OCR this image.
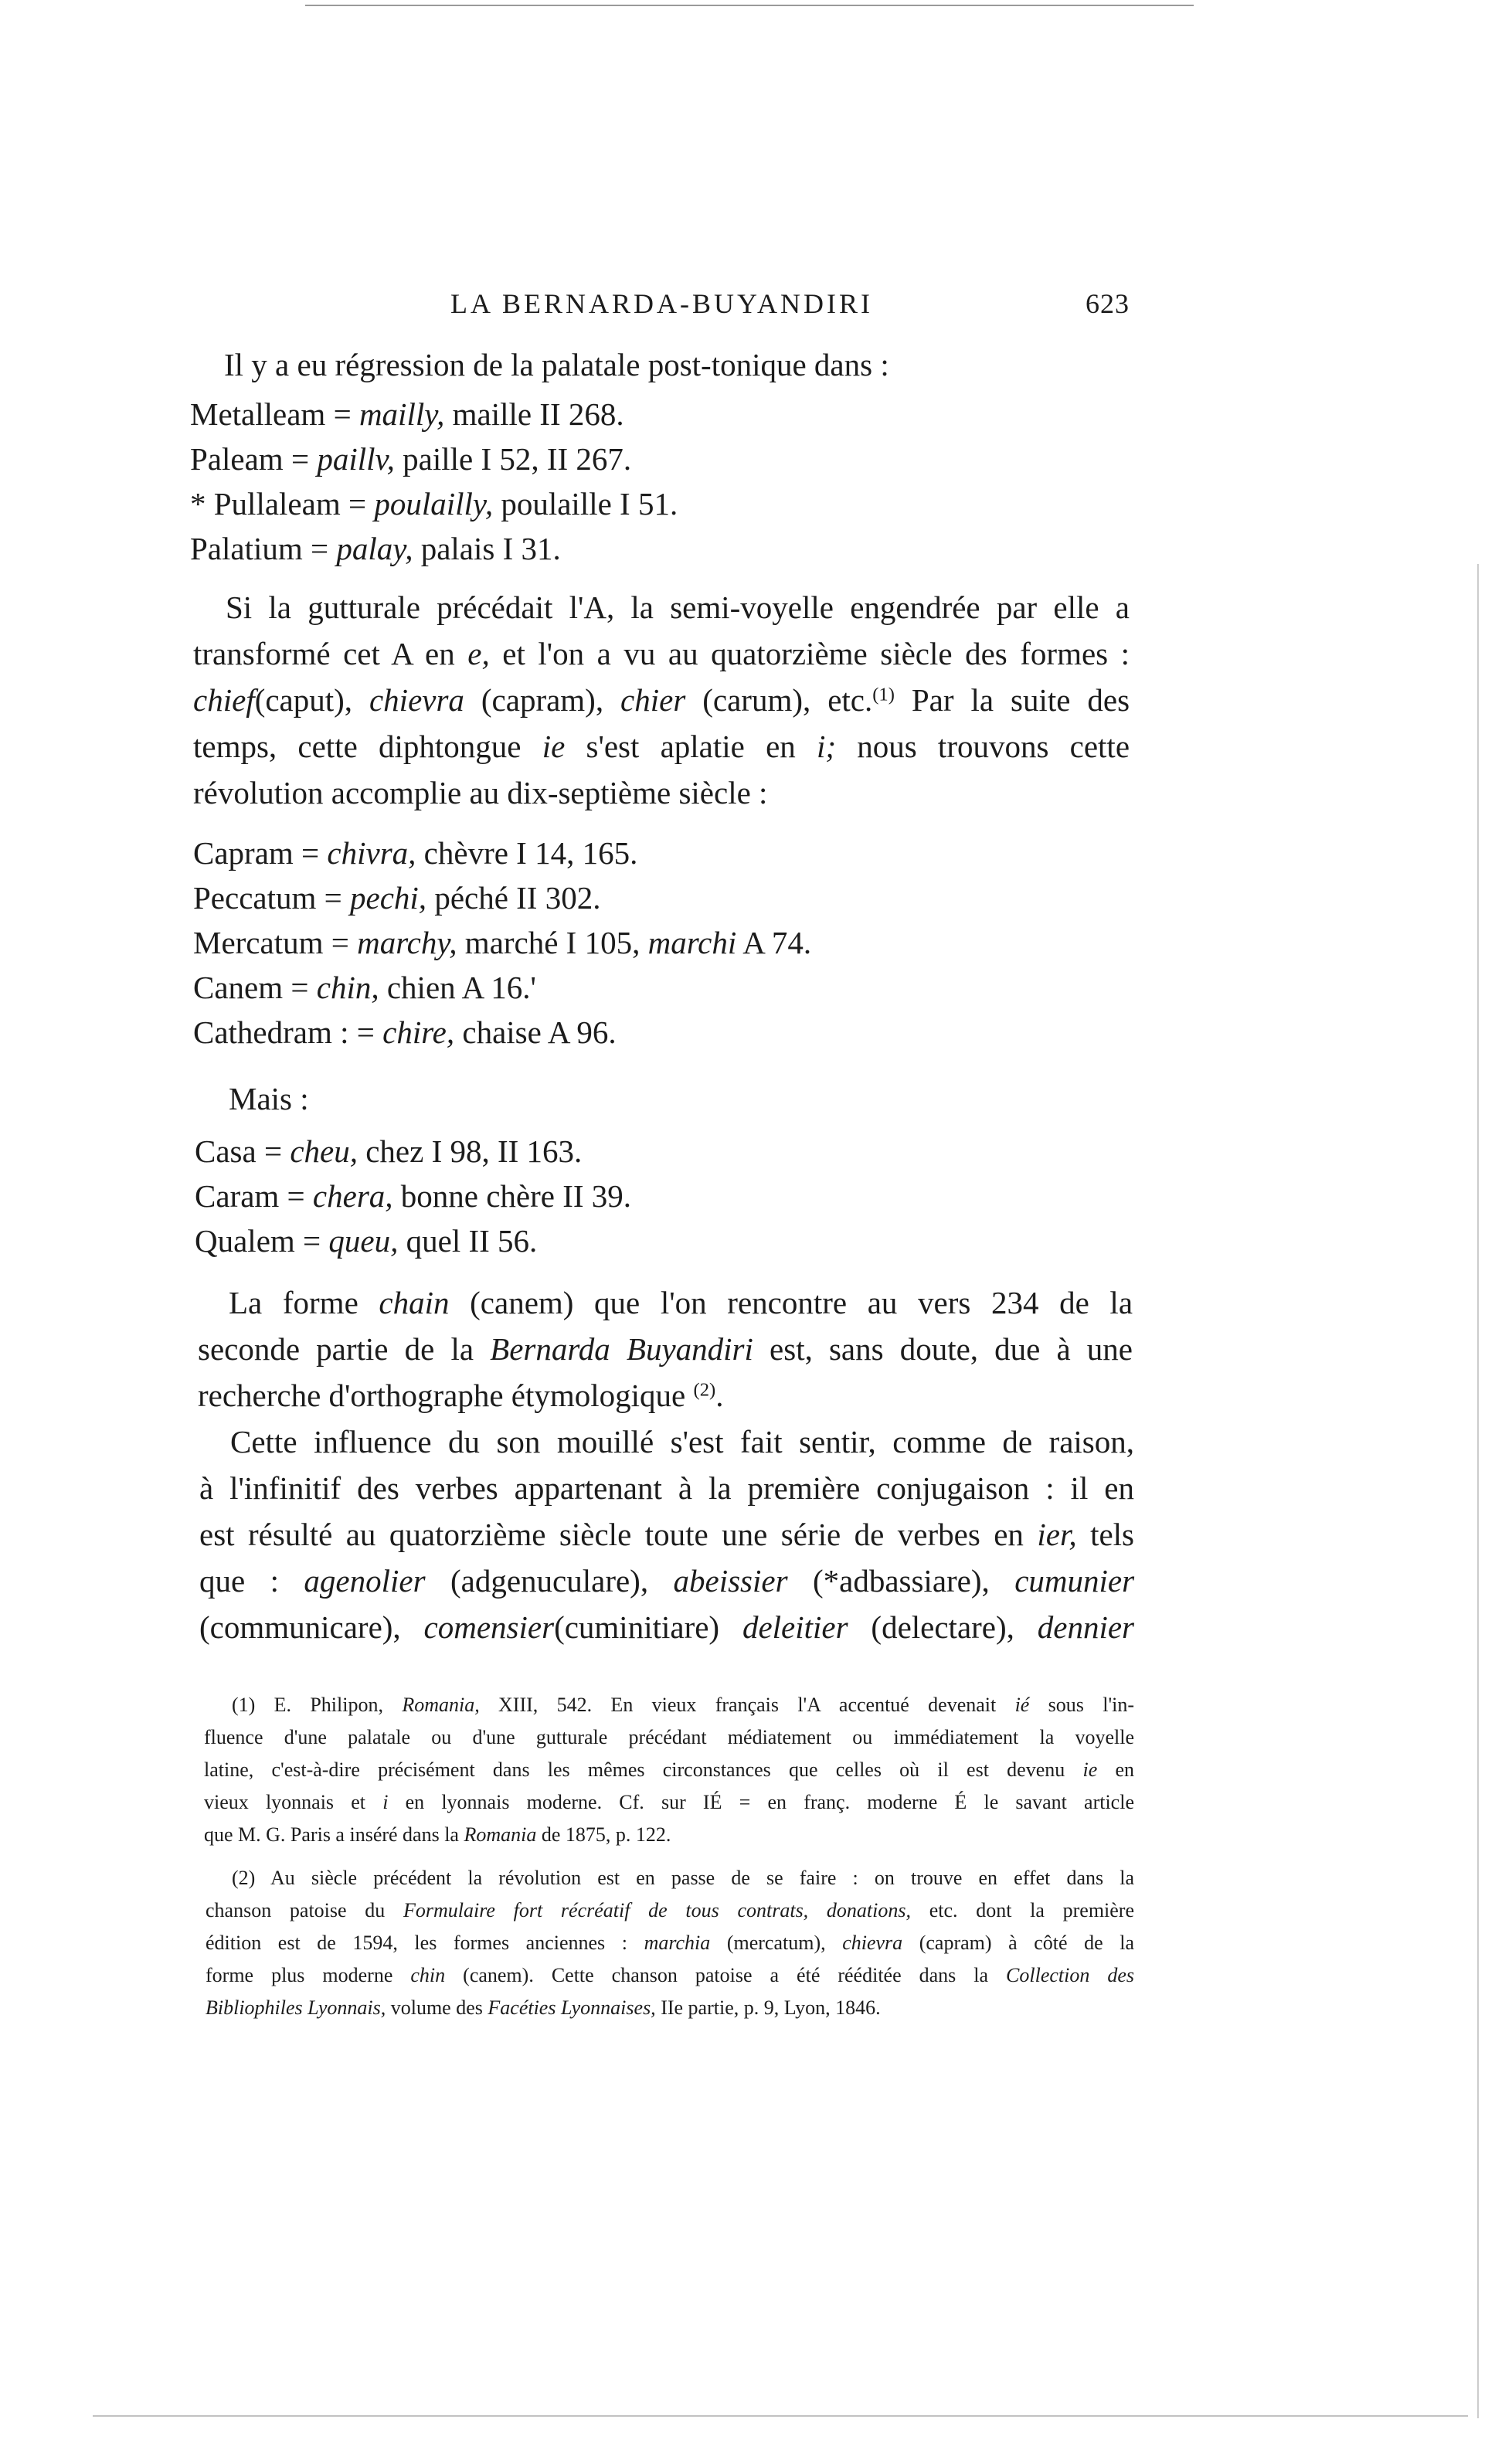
LA BERNARDA-BUYANDIRI	623
Il y a eu régression de la palatale post-tonique dans :
Metalleam = mailly, maille II 268.
Paleam = paillv, paille I 52, II 267.
* Pullaleam = poulailly, poulaille I 51.
Palatium = palay, palais I 31.
Si la gutturale précédait l'A, la semi-voyelle engendrée par elle a
transformé cet A en e, et l'on a vu au quatorzième siècle des formes :
chief(caput), chievra (capram), chier (carum), etc.$^{(1)}$ Par la suite des
temps, cette diphtongue ie s'est aplatie en i; nous trouvons cette
révolution accomplie au dix-septième siècle :
Capram = chivra, chèvre I 14, 165.
Peccatum = pechi, péché II 302.
Mercatum = marchy, marché I 105, marchi A 74.
Canem = chin, chien A 16.'
Cathedram : = chire, chaise A 96.
Mais :
Casa = cheu, chez I 98, II 163.
Caram = chera, bonne chère II 39.
Qualem = queu, quel II 56.
La forme chain (canem) que l'on rencontre au vers 234 de la
seconde partie de la Bernarda Buyandiri est, sans doute, due à une
recherche d'orthographe étymologique $^{(2)}$.
Cette influence du son mouillé s'est fait sentir, comme de raison,
à l'infinitif des verbes appartenant à la première conjugaison : il en
est résulté au quatorzième siècle toute une série de verbes en ier, tels
que : agenolier (adgenuculare), abeissier (*adbassiare), cumunier
(communicare), comensier(cuminitiare) deleitier (delectare), dennier
(1) E. Philipon, Romania, XIII, 542. En vieux français l'A accentué devenait ié sous l'in-
fluence d'une palatale ou d'une gutturale précédant médiatement ou immédiatement la voyelle
latine, c'est-à-dire précisément dans les mêmes circonstances que celles où il est devenu ie en
vieux lyonnais et i en lyonnais moderne. Cf. sur IÉ = en franç. moderne É le savant article
que M. G. Paris a inséré dans la Romania de 1875, p. 122.
(2) Au siècle précédent la révolution est en passe de se faire : on trouve en effet dans la
chanson patoise du Formulaire fort récréatif de tous contrats, donations, etc. dont la première
édition est de 1594, les formes anciennes : marchia (mercatum), chievra (capram) à côté de la
forme plus moderne chin (canem). Cette chanson patoise a été rééditée dans la Collection des
Bibliophiles Lyonnais, volume des Facéties Lyonnaises, IIe partie, p. 9, Lyon, 1846.
